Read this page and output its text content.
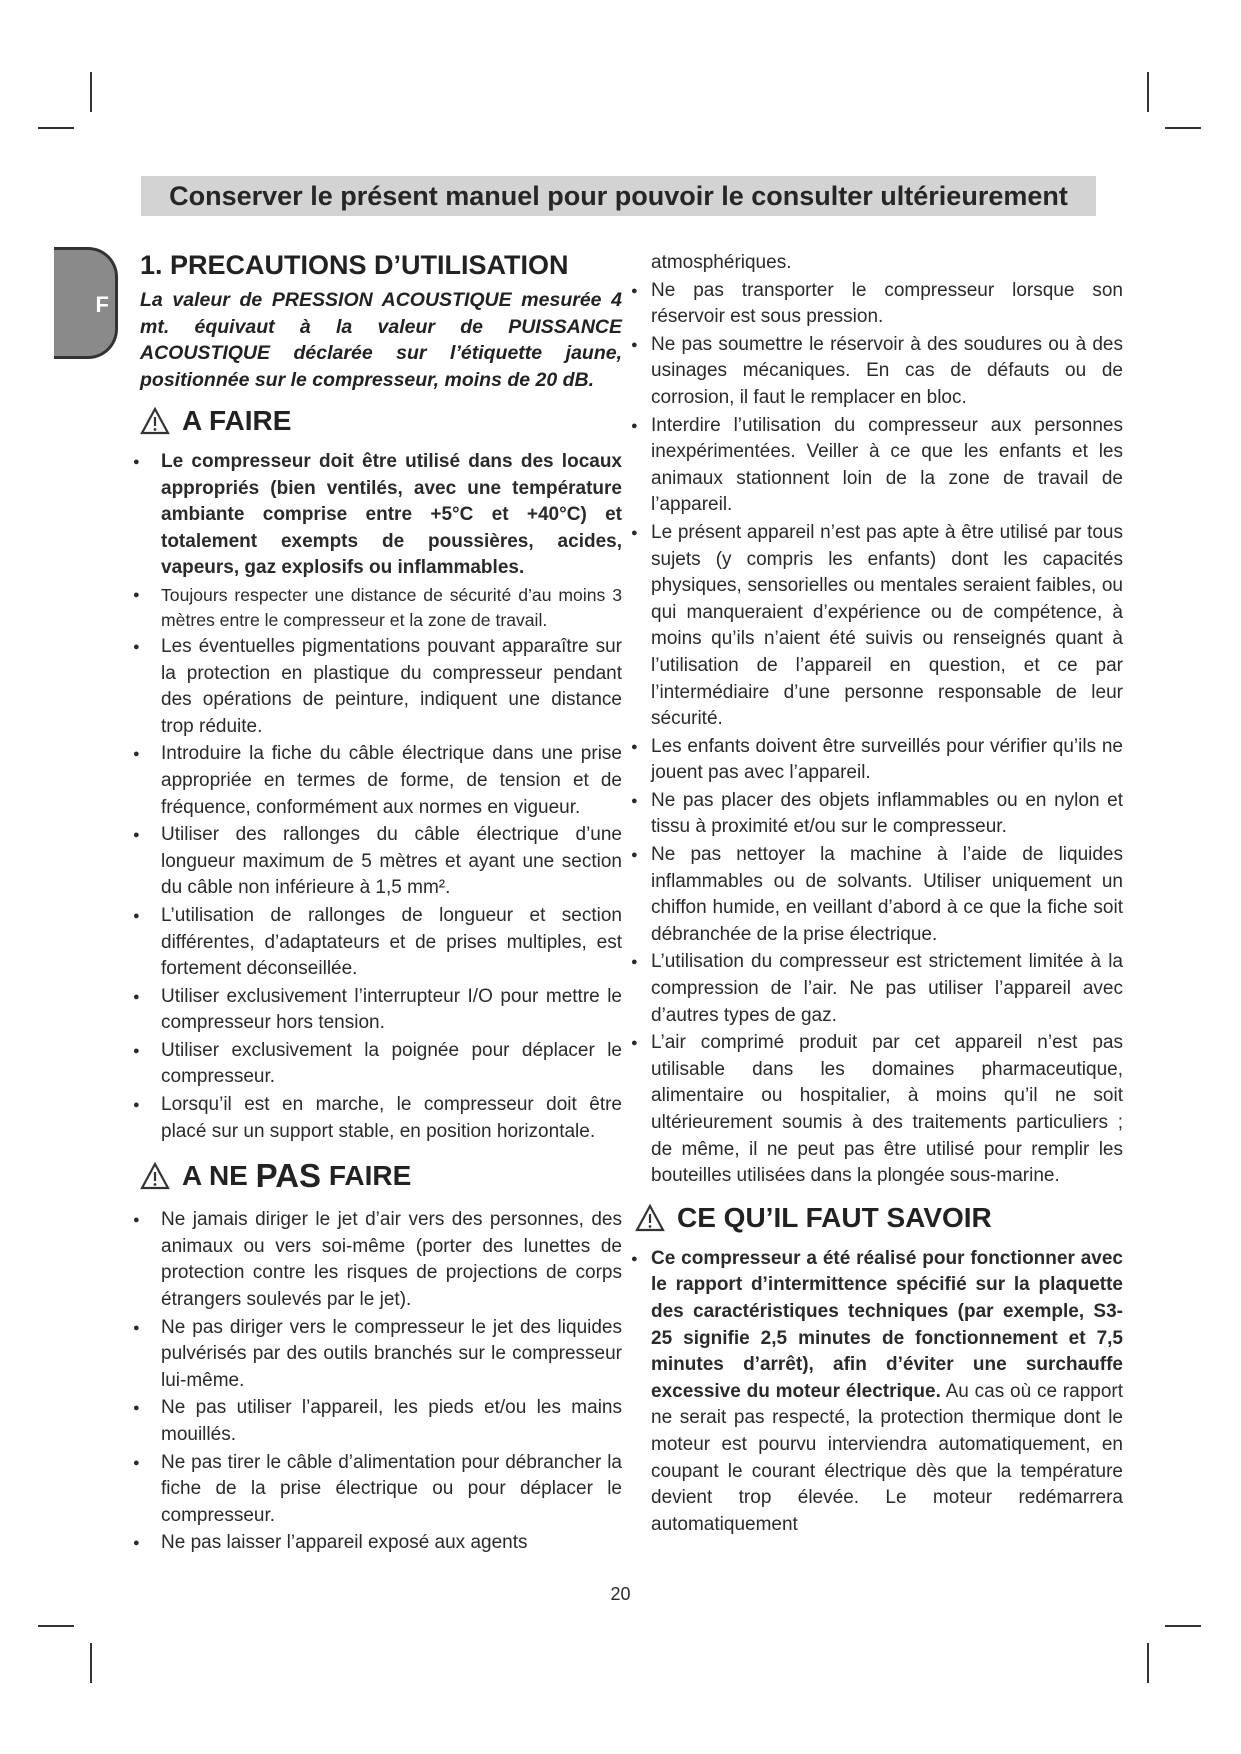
Conserver le présent manuel pour pouvoir le consulter ultérieurement
F
1. PRECAUTIONS D’UTILISATION
La valeur de PRESSION ACOUSTIQUE mesurée 4 mt. équivaut à la valeur de PUISSANCE ACOUSTIQUE déclarée sur l’étiquette jaune, positionnée sur le compresseur, moins de 20 dB.
A FAIRE
● Le compresseur doit être utilisé dans des locaux appropriés (bien ventilés, avec une température ambiante comprise entre +5°C et +40°C) et totalement exempts de poussières, acides, vapeurs, gaz explosifs ou inflammables.
● Toujours respecter une distance de sécurité d’au moins 3 mètres entre le compresseur et la zone de travail.
● Les éventuelles pigmentations pouvant apparaître sur la protection en plastique du compresseur pendant des opérations de peinture, indiquent une distance trop réduite.
● Introduire la fiche du câble électrique dans une prise appropriée en termes de forme, de tension et de fréquence, conformément aux normes en vigueur.
● Utiliser des rallonges du câble électrique d’une longueur maximum de 5 mètres et ayant une section du câble non inférieure à 1,5 mm².
● L’utilisation de rallonges de longueur et section différentes, d’adaptateurs et de prises multiples, est fortement déconseillée.
● Utiliser exclusivement l’interrupteur I/O pour mettre le compresseur hors tension.
● Utiliser exclusivement la poignée pour déplacer le compresseur.
● Lorsqu’il est en marche, le compresseur doit être placé sur un support stable, en position horizontale.
A NE
PAS
FAIRE
● Ne jamais diriger le jet d’air vers des personnes, des animaux ou vers soi-même (porter des lunettes de protection contre les risques de projections de corps étrangers soulevés par le jet).
● Ne pas diriger vers le compresseur le jet des liquides pulvérisés par des outils branchés sur le compresseur lui-même.
● Ne pas utiliser l’appareil, les pieds et/ou les mains mouillés.
● Ne pas tirer le câble d’alimentation pour débrancher la fiche de la prise électrique ou pour déplacer le compresseur.
● Ne pas laisser l’appareil exposé aux agents
atmosphériques.
● Ne pas transporter le compresseur lorsque son réservoir est sous pression.
● Ne pas soumettre le réservoir à des soudures ou à des usinages mécaniques. En cas de défauts ou de corrosion, il faut le remplacer en bloc.
● Interdire l’utilisation du compresseur aux personnes inexpérimentées. Veiller à ce que les enfants et les animaux stationnent loin de la zone de travail de l’appareil.
● Le présent appareil n’est pas apte à être utilisé par tous sujets (y compris les enfants) dont les capacités physiques, sensorielles ou mentales seraient faibles, ou qui manqueraient d’expérience ou de compétence, à moins qu’ils n’aient été suivis ou renseignés quant à l’utilisation de l’appareil en question, et ce par l’intermédiaire d’une personne responsable de leur sécurité.
● Les enfants doivent être surveillés pour vérifier qu’ils ne jouent pas avec l’appareil.
● Ne pas placer des objets inflammables ou en nylon et tissu à proximité et/ou sur le compresseur.
● Ne pas nettoyer la machine à l’aide de liquides inflammables ou de solvants. Utiliser uniquement un chiffon humide, en veillant d’abord à ce que la fiche soit débranchée de la prise électrique.
● L’utilisation du compresseur est strictement limitée à la compression de l’air. Ne pas utiliser l’appareil avec d’autres types de gaz.
● L’air comprimé produit par cet appareil n’est pas utilisable dans les domaines pharmaceutique, alimentaire ou hospitalier, à moins qu’il ne soit ultérieurement soumis à des traitements particuliers ; de même, il ne peut pas être utilisé pour remplir les bouteilles utilisées dans la plongée sous-marine.
CE QU’IL FAUT SAVOIR
● Ce compresseur a été réalisé pour fonctionner avec le rapport d’intermittence spécifié sur la plaquette des caractéristiques techniques (par exemple, S3-25 signifie 2,5 minutes de fonctionnement et 7,5 minutes d’arrêt), afin d’éviter une surchauffe excessive du moteur électrique. Au cas où ce rapport ne serait pas respecté, la protection thermique dont le moteur est pourvu interviendra automatiquement, en coupant le courant électrique dès que la température devient trop élevée. Le moteur redémarrera automatiquement
20
